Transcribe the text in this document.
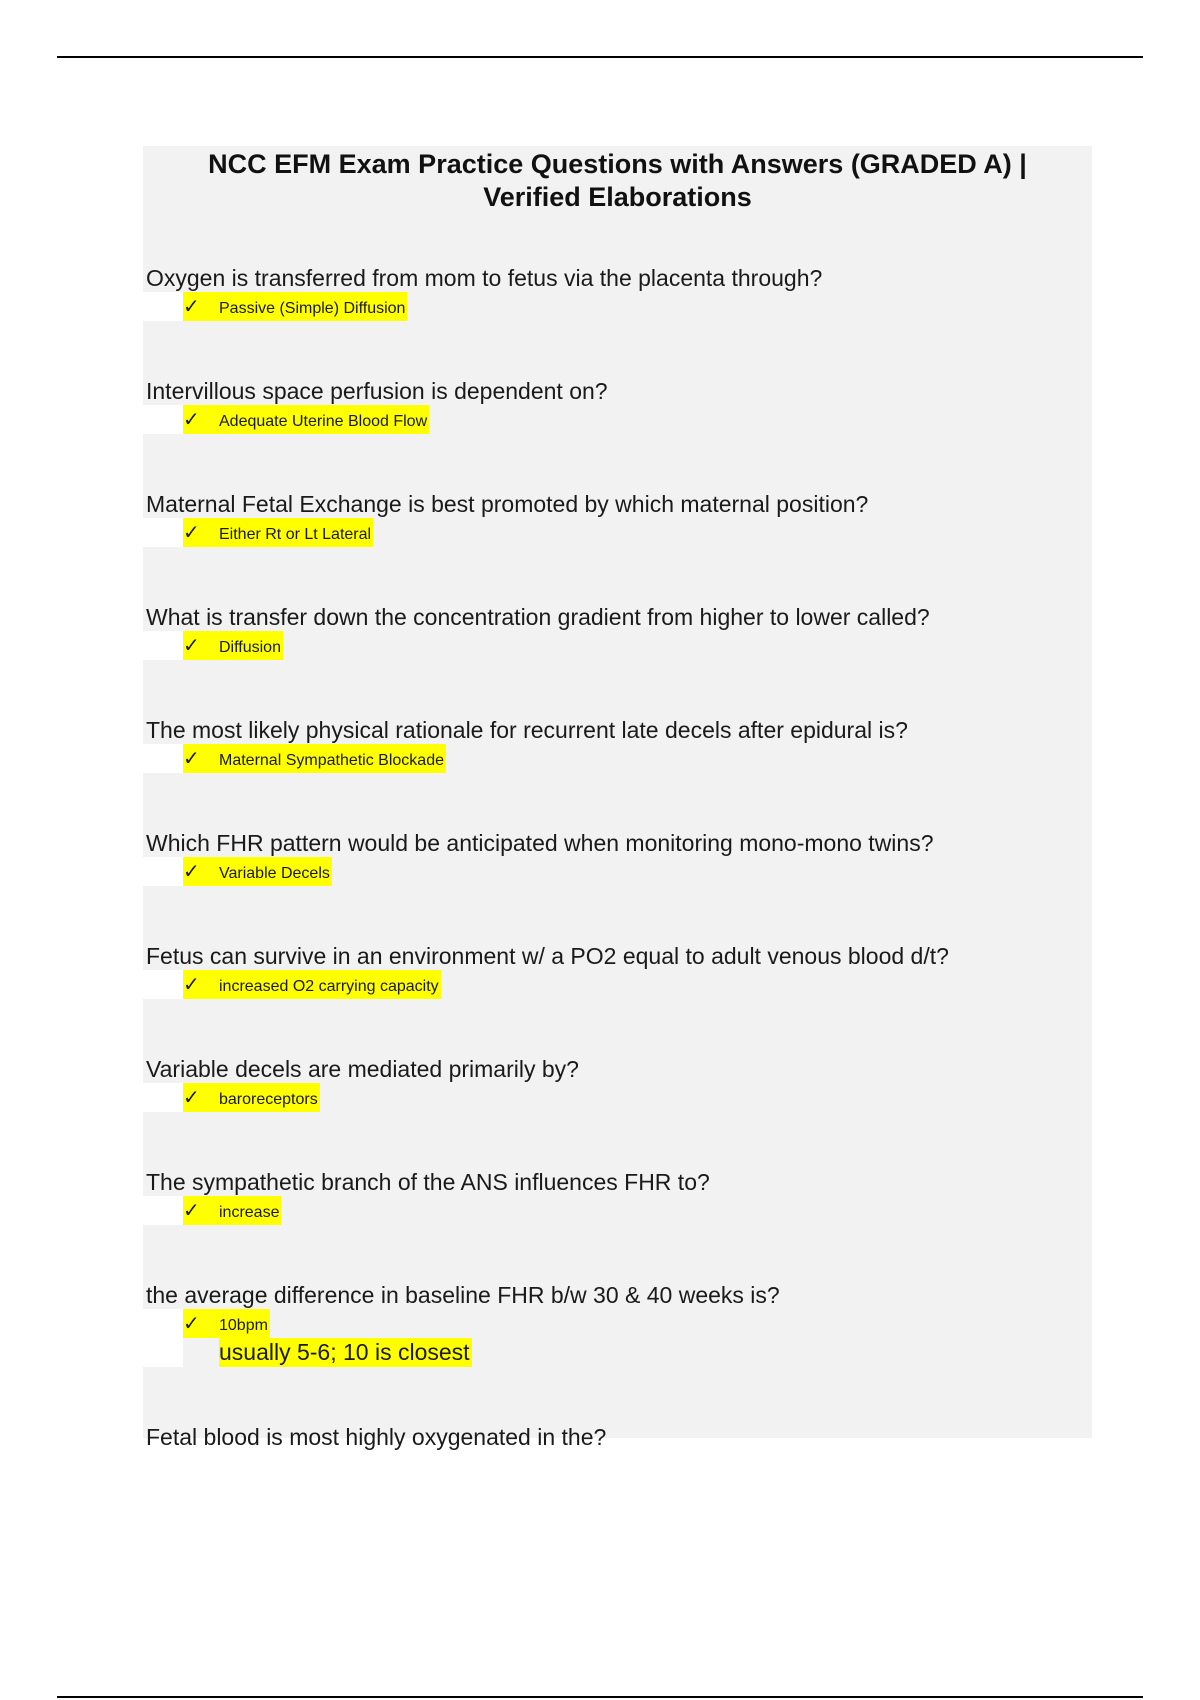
NCC EFM Exam Practice Questions with Answers (GRADED A) |
Verified Elaborations
Oxygen is transferred from mom to fetus via the placenta through?
✓ Passive (Simple) Diffusion
Intervillous space perfusion is dependent on?
✓ Adequate Uterine Blood Flow
Maternal Fetal Exchange is best promoted by which maternal position?
✓ Either Rt or Lt Lateral
What is transfer down the concentration gradient from higher to lower called?
✓ Diffusion
The most likely physical rationale for recurrent late decels after epidural is?
✓ Maternal Sympathetic Blockade
Which FHR pattern would be anticipated when monitoring mono-mono twins?
✓ Variable Decels
Fetus can survive in an environment w/ a PO2 equal to adult venous blood d/t?
✓ increased O2 carrying capacity
Variable decels are mediated primarily by?
✓ baroreceptors
The sympathetic branch of the ANS influences FHR to?
✓ increase
the average difference in baseline FHR b/w 30 & 40 weeks is?
✓ 10bpm
usually 5-6; 10 is closest
Fetal blood is most highly oxygenated in the?
